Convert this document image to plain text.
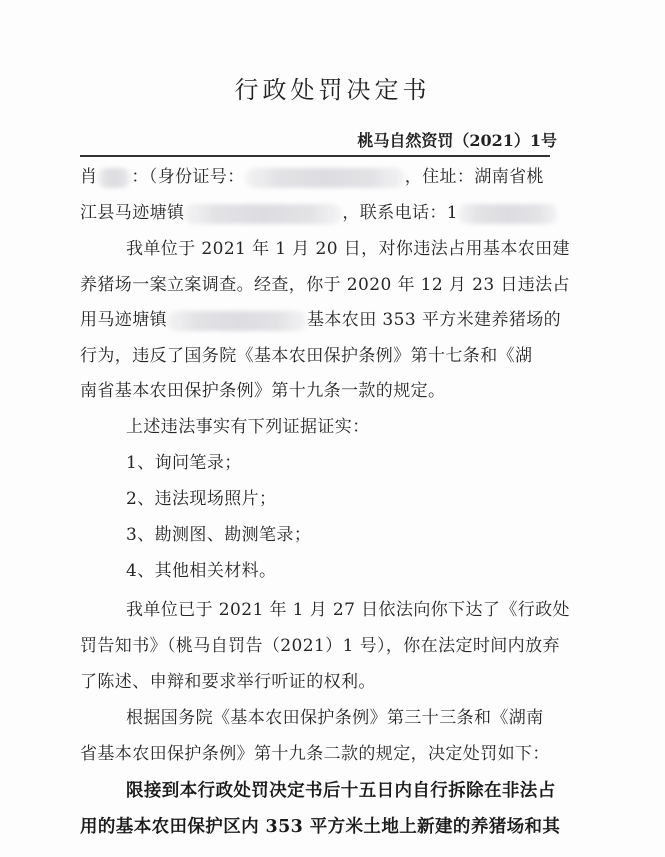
行政处罚决定书
桃马自然资罚（2021）1号
肖 ：（身份证号：	，住址：湖南省桃
江县马迹塘镇	，联系电话：1
我单位于 2021 年 1 月 20 日，对你违法占用基本农田建
养猪场一案立案调查。经查，你于 2020 年 12 月 23 日违法占
用马迹塘镇	基本农田 353 平方米建养猪场的
行为，违反了国务院《基本农田保护条例》第十七条和《湖
南省基本农田保护条例》第十九条一款的规定。
上述违法事实有下列证据证实：
1、询问笔录；
2、违法现场照片；
3、勘测图、勘测笔录；
4、其他相关材料。
我单位已于 2021 年 1 月 27 日依法向你下达了《行政处
罚告知书》（桃马自罚告（2021）1 号），你在法定时间内放弃
了陈述、申辩和要求举行听证的权利。
根据国务院《基本农田保护条例》第三十三条和《湖南
省基本农田保护条例》第十九条二款的规定，决定处罚如下：
限接到本行政处罚决定书后十五日内自行拆除在非法占
用的基本农田保护区内 353 平方米土地上新建的养猪场和其
